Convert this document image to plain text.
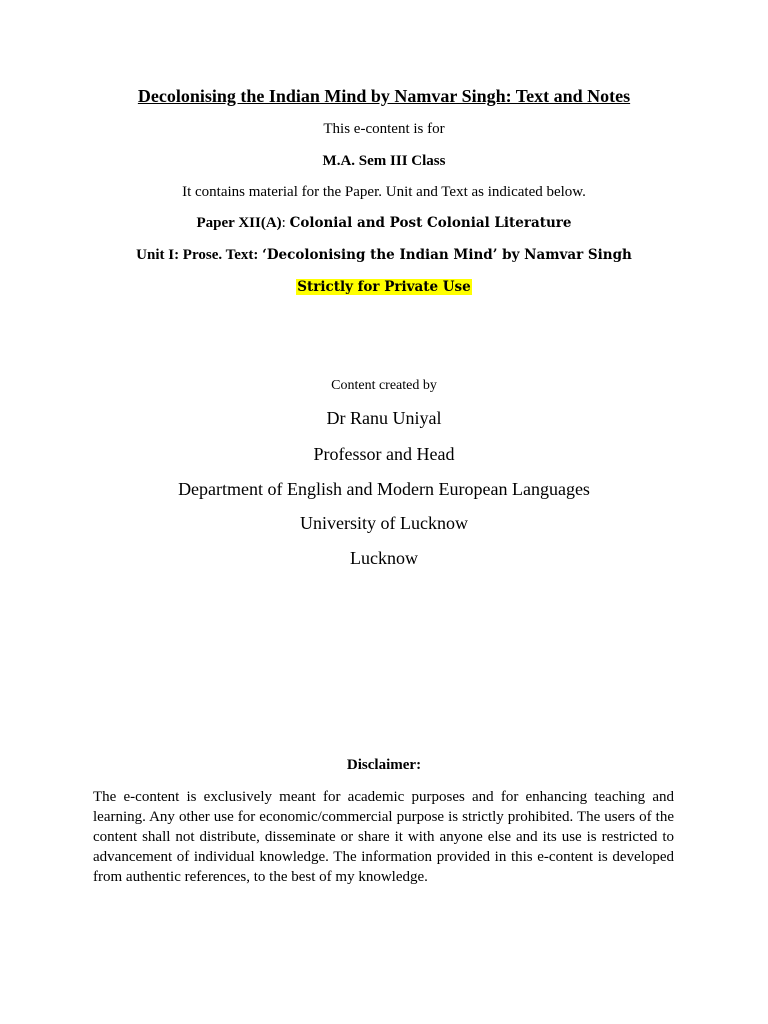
Decolonising the Indian Mind by Namvar Singh: Text and Notes
This e-content is for
M.A. Sem III Class
It contains material for the Paper. Unit and Text as indicated below.
Paper XII(A): Colonial and Post Colonial Literature
Unit I: Prose. Text: ‘Decolonising the Indian Mind’ by Namvar Singh
Strictly for Private Use
Content created by
Dr Ranu Uniyal
Professor and Head
Department of English and Modern European Languages
University of Lucknow
Lucknow
Disclaimer:

The e-content is exclusively meant for academic purposes and for enhancing teaching and learning. Any other use for economic/commercial purpose is strictly prohibited. The users of the content shall not distribute, disseminate or share it with anyone else and its use is restricted to advancement of individual knowledge. The information provided in this e-content is developed from authentic references, to the best of my knowledge.
